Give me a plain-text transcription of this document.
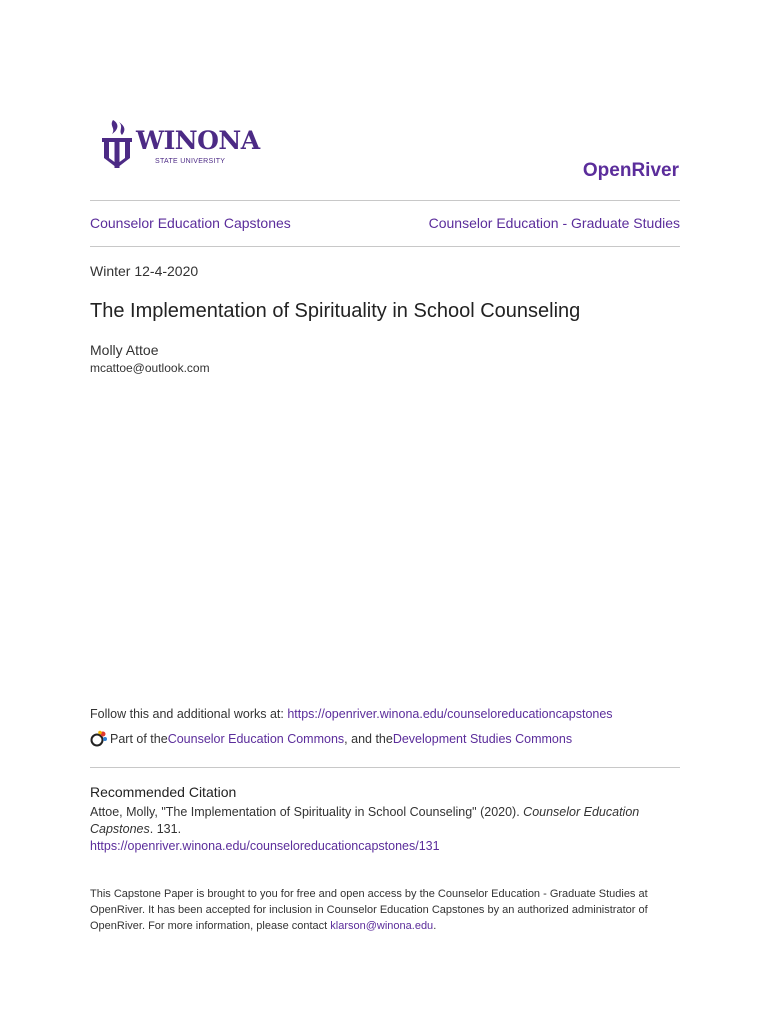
WINONA
STATE UNIVERSITY	OpenRiver
Counselor Education Capstones	Counselor Education - Graduate Studies
Winter 12-4-2020
The Implementation of Spirituality in School Counseling
Molly Attoe
mcattoe@outlook.com
Follow this and additional works at: https://openriver.winona.edu/counseloreducationcapstones
Part of the Counselor Education Commons , and the Development Studies Commons
Recommended Citation
Attoe, Molly, "The Implementation of Spirituality in School Counseling" (2020). Counselor Education Capstones. 131.
https://openriver.winona.edu/counseloreducationcapstones/131
This Capstone Paper is brought to you for free and open access by the Counselor Education - Graduate Studies at OpenRiver. It has been accepted for inclusion in Counselor Education Capstones by an authorized administrator of OpenRiver. For more information, please contact klarson@winona.edu.
